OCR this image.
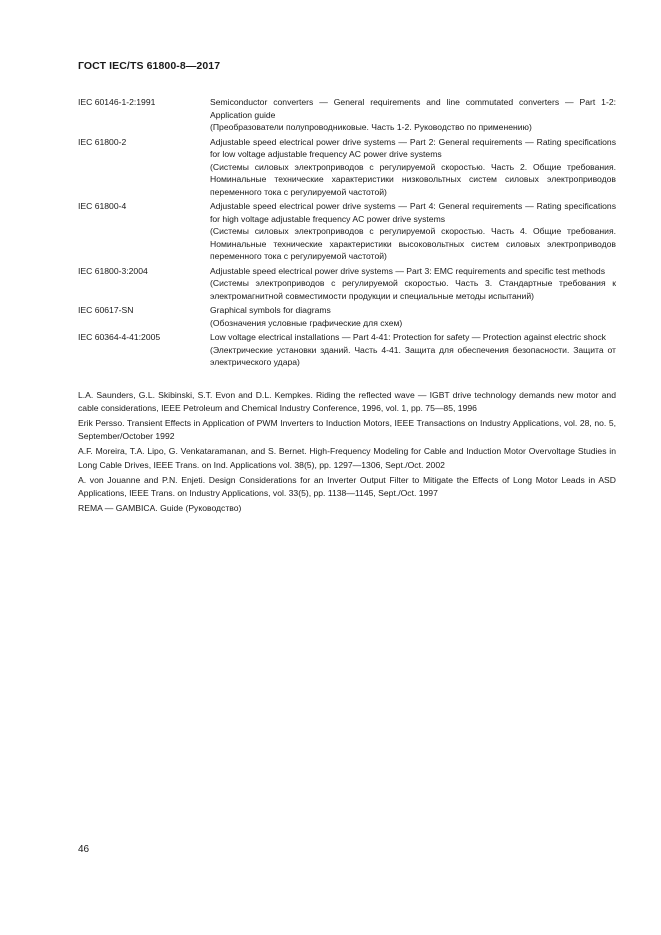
ГОСТ IEC/TS 61800-8—2017
IEC 60146-1-2:1991	Semiconductor converters — General requirements and line commutated converters — Part 1-2: Application guide
(Преобразователи полупроводниковые. Часть 1-2. Руководство по применению)
IEC 61800-2	Adjustable speed electrical power drive systems — Part 2: General requirements — Rating specifications for low voltage adjustable frequency AC power drive systems
(Системы силовых электроприводов с регулируемой скоростью. Часть 2. Общие требования. Номинальные технические характеристики низковольтных систем силовых электроприводов переменного тока с регулируемой частотой)
IEC 61800-4	Adjustable speed electrical power drive systems — Part 4: General requirements — Rating specifications for high voltage adjustable frequency AC power drive systems
(Системы силовых электроприводов с регулируемой скоростью. Часть 4. Общие требования. Номинальные технические характеристики высоковольтных систем силовых электроприводов переменного тока с регулируемой частотой)
IEC 61800-3:2004	Adjustable speed electrical power drive systems — Part 3: EMC requirements and specific test methods
(Системы электроприводов с регулируемой скоростью. Часть 3. Стандартные требования к электромагнитной совместимости продукции и специальные методы испытаний)
IEC 60617-SN	Graphical symbols for diagrams
(Обозначения условные графические для схем)
IEC 60364-4-41:2005	Low voltage electrical installations — Part 4-41: Protection for safety — Protection against electric shock
(Электрические установки зданий. Часть 4-41. Защита для обеспечения безопасности. Защита от электрического удара)
L.A. Saunders, G.L. Skibinski, S.T. Evon and D.L. Kempkes. Riding the reflected wave — IGBT drive technology demands new motor and cable considerations, IEEE Petroleum and Chemical Industry Conference, 1996, vol. 1, pp. 75—85, 1996
Erik Persso. Transient Effects in Application of PWM Inverters to Induction Motors, IEEE Transactions on Industry Applications, vol. 28, no. 5, September/October 1992
A.F. Moreira, T.A. Lipo, G. Venkataramanan, and S. Bernet. High-Frequency Modeling for Cable and Induction Motor Overvoltage Studies in Long Cable Drives, IEEE Trans. on Ind. Applications vol. 38(5), pp. 1297—1306, Sept./Oct. 2002
A. von Jouanne and P.N. Enjeti. Design Considerations for an Inverter Output Filter to Mitigate the Effects of Long Motor Leads in ASD Applications, IEEE Trans. on Industry Applications, vol. 33(5), pp. 1138—1145, Sept./Oct. 1997
REMA — GAMBICA. Guide (Руководство)
46
